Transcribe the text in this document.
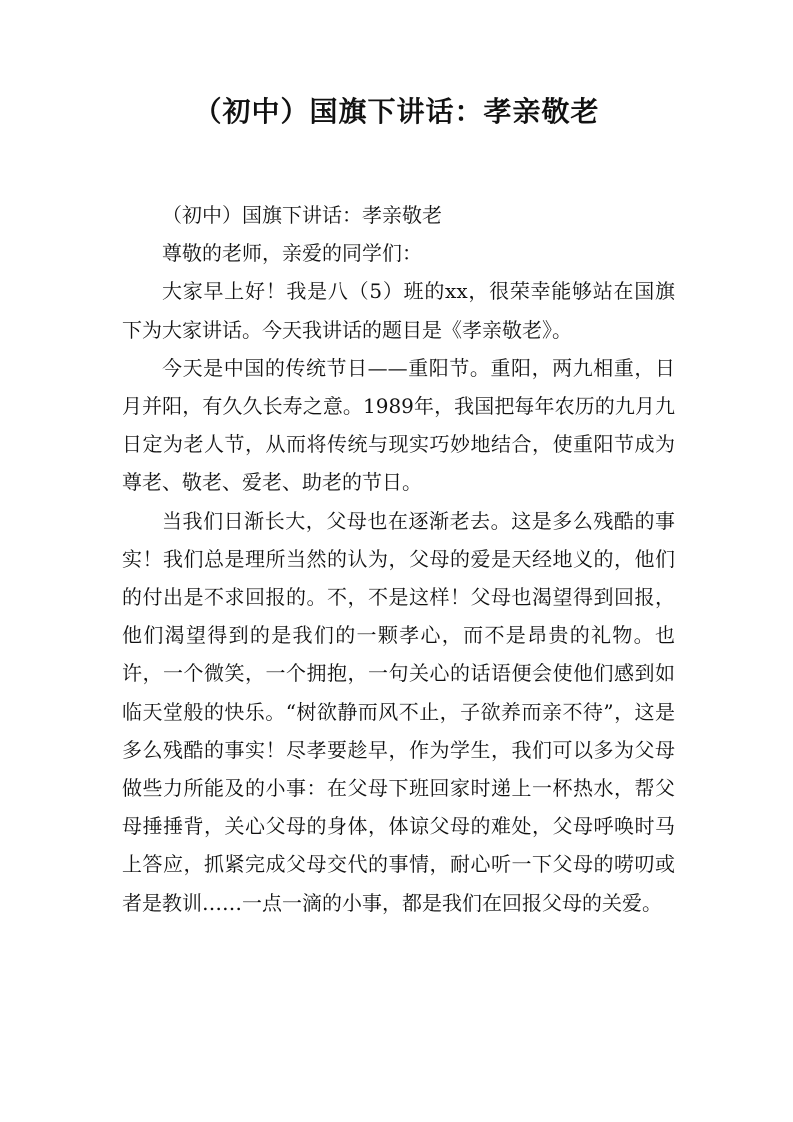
（初中）国旗下讲话：孝亲敬老

（初中）国旗下讲话：孝亲敬老

尊敬的老师，亲爱的同学们：

大家早上好！我是八（5）班的xx，很荣幸能够站在国旗下为大家讲话。今天我讲话的题目是《孝亲敬老》。

今天是中国的传统节日——重阳节。重阳，两九相重，日月并阳，有久久长寿之意。1989年，我国把每年农历的九月九日定为老人节，从而将传统与现实巧妙地结合，使重阳节成为尊老、敬老、爱老、助老的节日。

当我们日渐长大，父母也在逐渐老去。这是多么残酷的事实！我们总是理所当然的认为，父母的爱是天经地义的，他们的付出是不求回报的。不，不是这样！父母也渴望得到回报，他们渴望得到的是我们的一颗孝心，而不是昂贵的礼物。也许，一个微笑，一个拥抱，一句关心的话语便会使他们感到如临天堂般的快乐。“树欲静而风不止，子欲养而亲不待”，这是多么残酷的事实！尽孝要趁早，作为学生，我们可以多为父母做些力所能及的小事：在父母下班回家时递上一杯热水，帮父母捶捶背，关心父母的身体，体谅父母的难处，父母呼唤时马上答应，抓紧完成父母交代的事情，耐心听一下父母的唠叨或者是教训……一点一滴的小事，都是我们在回报父母的关爱。
